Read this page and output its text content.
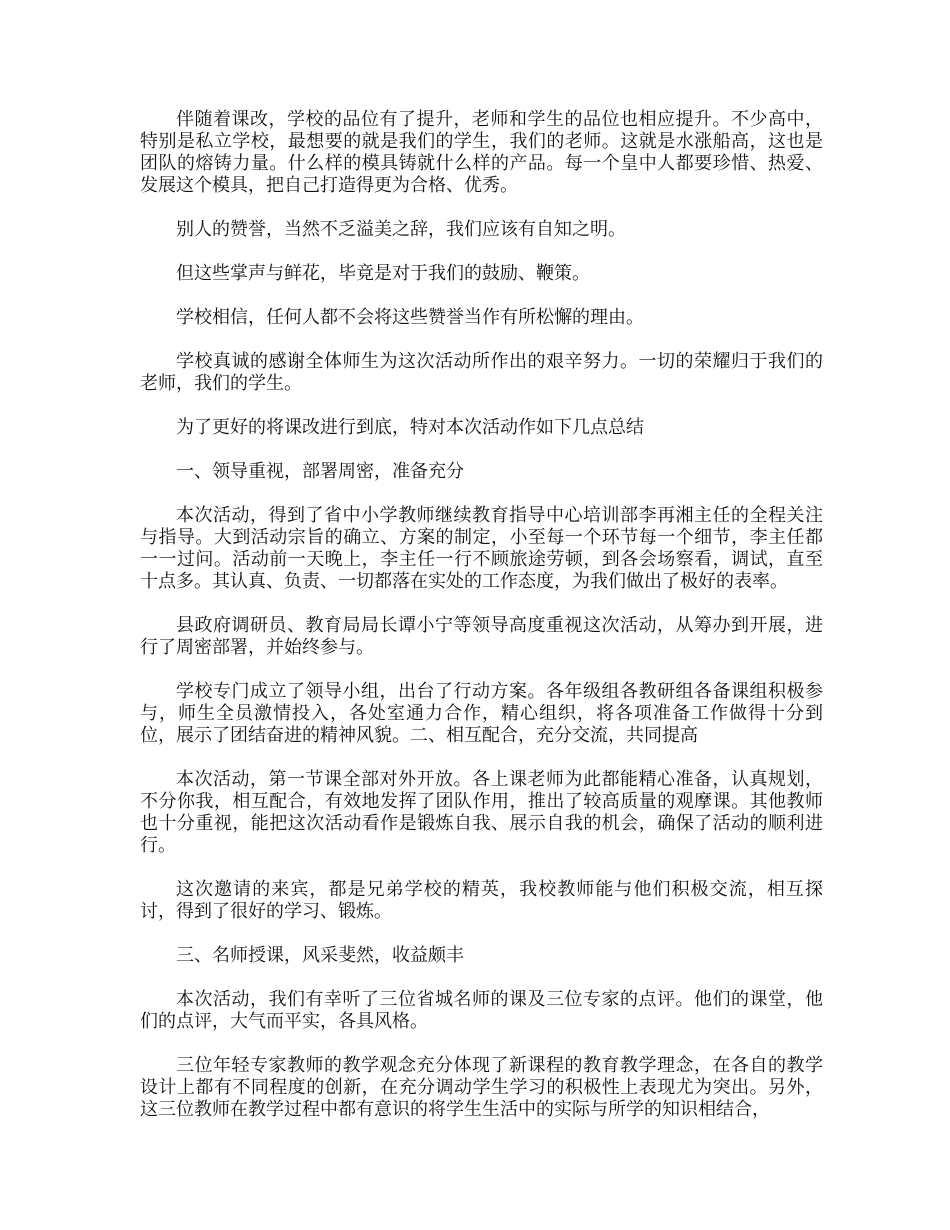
伴随着课改，学校的品位有了提升，老师和学生的品位也相应提升。不少高中，特别是私立学校，最想要的就是我们的学生，我们的老师。这就是水涨船高，这也是团队的熔铸力量。什么样的模具铸就什么样的产品。每一个皇中人都要珍惜、热爱、发展这个模具，把自己打造得更为合格、优秀。

别人的赞誉，当然不乏溢美之辞，我们应该有自知之明。

但这些掌声与鲜花，毕竟是对于我们的鼓励、鞭策。

学校相信，任何人都不会将这些赞誉当作有所松懈的理由。

学校真诚的感谢全体师生为这次活动所作出的艰辛努力。一切的荣耀归于我们的老师，我们的学生。

为了更好的将课改进行到底，特对本次活动作如下几点总结

一、领导重视，部署周密，准备充分

本次活动，得到了省中小学教师继续教育指导中心培训部李再湘主任的全程关注与指导。大到活动宗旨的确立、方案的制定，小至每一个环节每一个细节，李主任都一一过问。活动前一天晚上，李主任一行不顾旅途劳顿，到各会场察看，调试，直至十点多。其认真、负责、一切都落在实处的工作态度，为我们做出了极好的表率。

县政府调研员、教育局局长谭小宁等领导高度重视这次活动，从筹办到开展，进行了周密部署，并始终参与。

学校专门成立了领导小组，出台了行动方案。各年级组各教研组各备课组积极参与，师生全员激情投入，各处室通力合作，精心组织，将各项准备工作做得十分到位，展示了团结奋进的精神风貌。二、相互配合，充分交流，共同提高

本次活动，第一节课全部对外开放。各上课老师为此都能精心准备，认真规划，不分你我，相互配合，有效地发挥了团队作用，推出了较高质量的观摩课。其他教师也十分重视，能把这次活动看作是锻炼自我、展示自我的机会，确保了活动的顺利进行。

这次邀请的来宾，都是兄弟学校的精英，我校教师能与他们积极交流，相互探讨，得到了很好的学习、锻炼。

三、名师授课，风采斐然，收益颇丰

本次活动，我们有幸听了三位省城名师的课及三位专家的点评。他们的课堂，他们的点评，大气而平实，各具风格。

三位年轻专家教师的教学观念充分体现了新课程的教育教学理念，在各自的教学设计上都有不同程度的创新，在充分调动学生学习的积极性上表现尤为突出。另外，这三位教师在教学过程中都有意识的将学生生活中的实际与所学的知识相结合，
